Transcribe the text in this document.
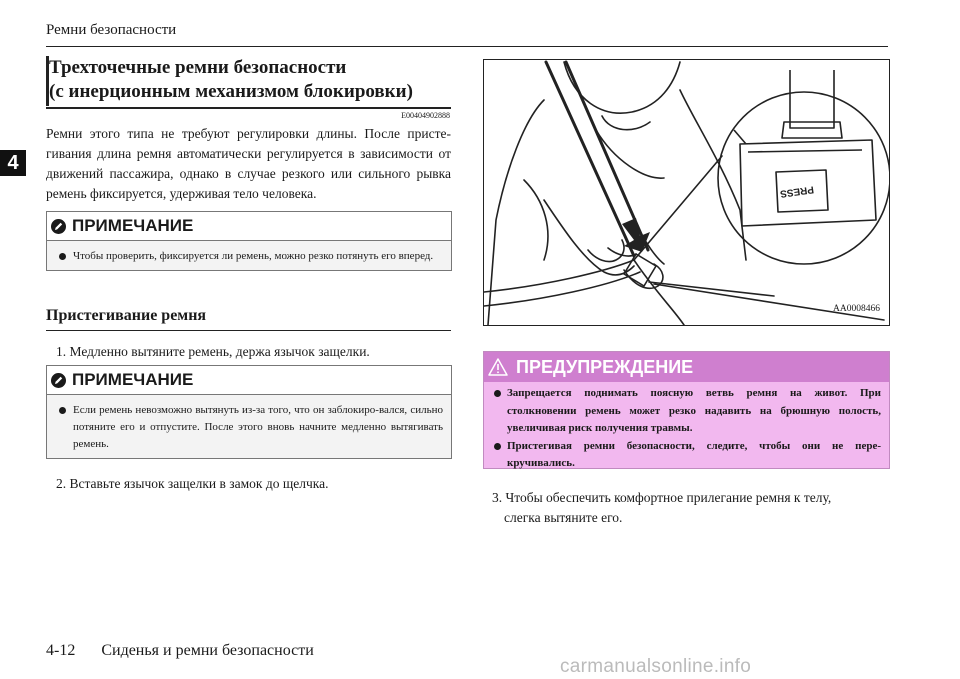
Ремни безопасности
4
Трехточечные ремни безопасности
(с инерционным механизмом блокировки)
E00404902888
Ремни этого типа не требуют регулировки длины. После присте-гивания длина ремня автоматически регулируется в зависимости от движений пассажира, однако в случае резкого или сильного рывка ремень фиксируется, удерживая тело человека.
ПРИМЕЧАНИЕ
Чтобы проверить, фиксируется ли ремень, можно резко потянуть его вперед.
Пристегивание ремня
1. Медленно вытяните ремень, держа язычок защелки.
ПРИМЕЧАНИЕ
Если ремень невозможно вытянуть из-за того, что он заблокиро-вался, сильно потяните его и отпустите. После этого вновь начните медленно вытягивать ремень.
2. Вставьте язычок защелки в замок до щелчка.
PRESS
AA0008466
ПРЕДУПРЕЖДЕНИЕ
Запрещается поднимать поясную ветвь ремня на живот. При столкновении ремень может резко надавить на брюшную полость, увеличивая риск получения травмы.
Пристегивая ремни безопасности, следите, чтобы они не пере-кручивались.
3. Чтобы обеспечить комфортное прилегание ремня к телу,
слегка вытяните его.
4-12 Сиденья и ремни безопасности
carmanualsonline.info
